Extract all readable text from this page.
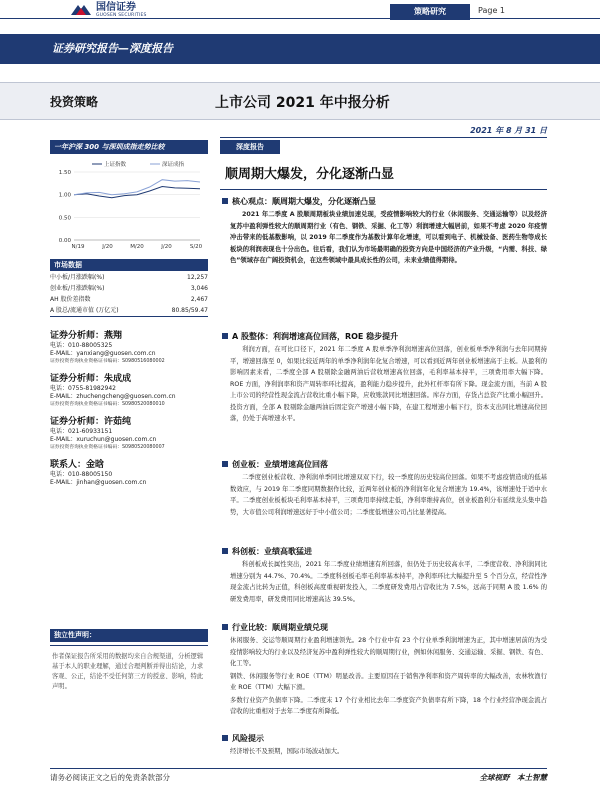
国信证券
GUOSEN SECURITIES	策略研究	Page 1
证券研究报告—深度报告
投资策略	上市公司 2021 年中报分析
2021 年 8 月 31 日
一年沪深 300 与深圳成指走势比较
1.50
1.00
0.50
0.00
N/19	J/20	M/20	J/20	S/20
上证指数	深证成指
市场数据
中小板/月涨跌幅(%)	12,257
创业板/月涨跌幅(%)	3,046
AH 股价差指数	2,467
A 股总/流通市值 (万亿元)	80.85/59.47
证券分析师：燕翔
电话：010-88005325
E-MAIL：yanxiang@guosen.com.cn
证券投资咨询执业资格证书编码：S0980516080002
证券分析师：朱成成
电话：0755-81982942
E-MAIL：zhuchengcheng@guosen.com.cn
证券投资咨询执业资格证书编码：S0980520080010
证券分析师：许茹纯
电话：021-60933151
E-MAIL：xuruchun@guosen.com.cn
证券投资咨询执业资格证书编码：S0980520080007
联系人：金晗
电话：010-88005150
E-MAIL：jinhan@guosen.com.cn
独立性声明：
作者保证报告所采用的数据均来自合规渠道，分析逻辑基于本人的职业理解，通过合理判断并得出结论，力求客观、公正，结论不受任何第三方的授意、影响，特此声明。
深度报告
顺周期大爆发，分化逐渐凸显
核心观点：顺周期大爆发，分化逐渐凸显
2021 年二季度 A 股顺周期板块业绩加速兑现，受疫情影响较大的行业（休闲服务、交通运输等）以及经济复苏中盈利弹性较大的顺周期行业（有色、钢铁、采掘、化工等）利润增速大幅居前，如果不考虑 2020 年疫情冲击带来的低基数影响，以 2019 年二季度作为基数计算年化增速，可以看到电子、机械设备、医药生物等成长板块的利润表现也十分出色。往后看，我们认为市场最明确的投资方向是中国经济的产业升级，“内需、科技、绿色”领域存在广阔投资机会，在这些领域中最具成长性的公司，未来业绩值得期待。
A 股整体：利润增速高位回落，ROE 稳步提升
利润方面，在可比口径下，2021 年二季度 A 股单季净利润增速高位回落，创业板单季净利润与去年同期持平，增速回落至 0，如果比较近两年的单季净利润年化复合增速，可以看到近两年创业板增速高于主板。从盈利的影响因素来看，二季度全部 A 股剔除金融两油后营收增速高位回落，毛利率基本持平，三项费用率大幅下降。ROE 方面，净利润率和资产周转率环比提高，盈利能力稳步提升，此外杠杆率有所下降。现金流方面，当前 A 股上市公司的经营性现金流占营收比重小幅下降，应收账款同比增速回落。库存方面，存货占总资产比重小幅回升。投资方面，全部 A 股剔除金融两油后固定资产增速小幅下降，在建工程增速小幅下行，资本支出同比增速高位回落，仍处于高增速水平。
创业板：业绩增速高位回落
二季度创业板营收、净利润单季同比增速双双下行，较一季度的历史较高位回落。如果不考虑疫情造成的低基数效应，与 2019 年二季度同期数据作比较，近两年创业板的净利润年化复合增速为 19.4%，该增速处于适中水平。二季度创业板板块毛利率基本持平，三项费用率持续走低，净利率维持高位，创业板盈利分布延续龙头集中趋势，大市值公司利润增速远好于中小值公司；二季度低增速公司占比显著提高。
科创板：业绩高歌猛进
科创板成长属性突出，2021 年二季度业绩增速有所回落，但仍处于历史较高水平，二季度营收、净利润同比增速分别为 44.7%、70.4%。二季度科创板毛率毛利率基本持平，净利率环比大幅提升至 5 个百分点，经营性净现金流占比转为正值，科创板高度重视研发投入，二季度研发费用占营收比为 7.5%，远高于同期 A 股 1.6% 的研发费用率，研发费用同比增速高达 39.5%。
行业比较：顺周期业绩兑现
休闲服务、交运等顺周期行业盈利增速领先。28 个行业中有 23 个行业单季利润增速为正，其中增速居前的为受疫情影响较大的行业以及经济复苏中盈利弹性较大的顺周期行业，例如休闲服务、交通运输、采掘、钢铁、有色、化工等。
钢铁、休闲服务等行业 ROE（TTM）明显改善。主要原因在于销售净利率和资产周转率的大幅改善，农林牧渔行业 ROE（TTM）大幅下滑。
多数行业资产负债率下降。二季度末 17 个行业相比去年二季度资产负债率有所下降，18 个行业经营净现金流占营收的比重相对于去年二季度有所降低。
风险提示
经济增长不及预期，国际市场波动加大。
请务必阅读正文之后的免责条款部分	全球视野　本土智慧
